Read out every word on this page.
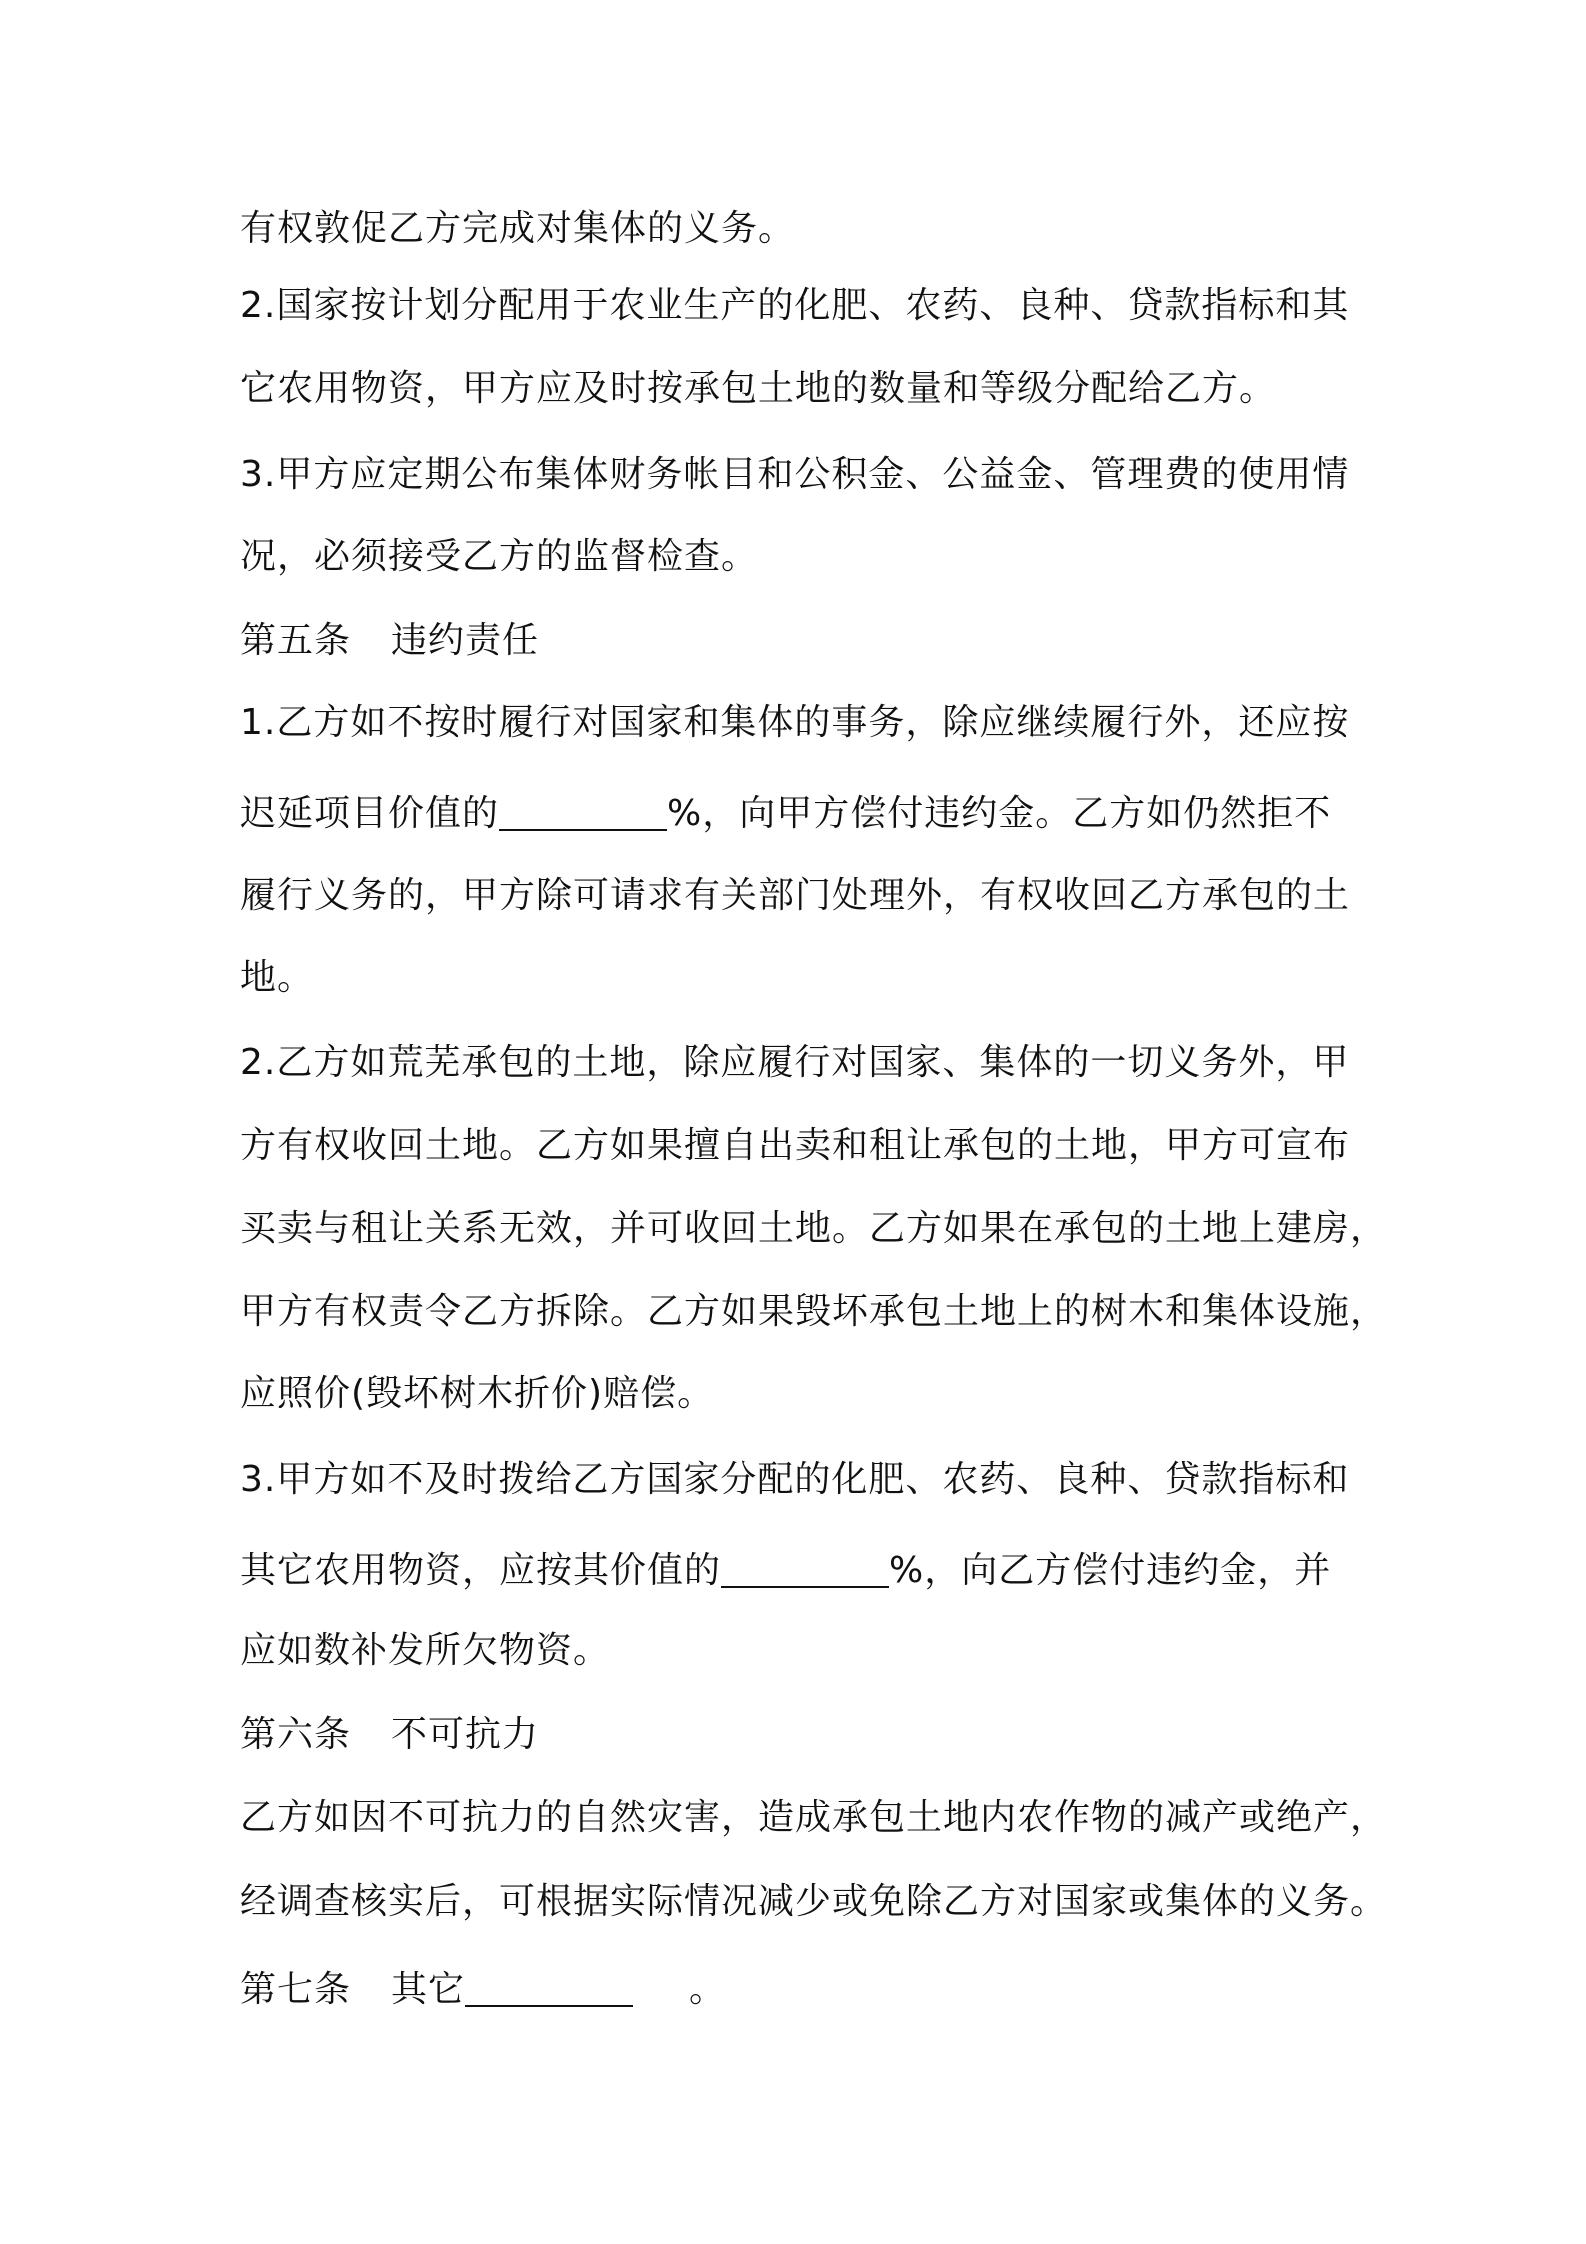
有权敦促乙方完成对集体的义务。
2.国家按计划分配用于农业生产的化肥、农药、良种、贷款指标和其
它农用物资，甲方应及时按承包土地的数量和等级分配给乙方。
3.甲方应定期公布集体财务帐目和公积金、公益金、管理费的使用情
况，必须接受乙方的监督检查。
第五条 违约责任
1.乙方如不按时履行对国家和集体的事务，除应继续履行外，还应按
迟延项目价值的	%，向甲方偿付违约金。乙方如仍然拒不
履行义务的，甲方除可请求有关部门处理外，有权收回乙方承包的土
地。
2.乙方如荒芜承包的土地，除应履行对国家、集体的一切义务外，甲
方有权收回土地。乙方如果擅自出卖和租让承包的土地，甲方可宣布
买卖与租让关系无效，并可收回土地。乙方如果在承包的土地上建房，
甲方有权责令乙方拆除。乙方如果毁坏承包土地上的树木和集体设施，
应照价(毁坏树木折价)赔偿。
3.甲方如不及时拨给乙方国家分配的化肥、农药、良种、贷款指标和
其它农用物资，应按其价值的	%，向乙方偿付违约金，并
应如数补发所欠物资。
第六条 不可抗力
乙方如因不可抗力的自然灾害，造成承包土地内农作物的减产或绝产，
经调查核实后，可根据实际情况减少或免除乙方对国家或集体的义务。
第七条 其它	。
